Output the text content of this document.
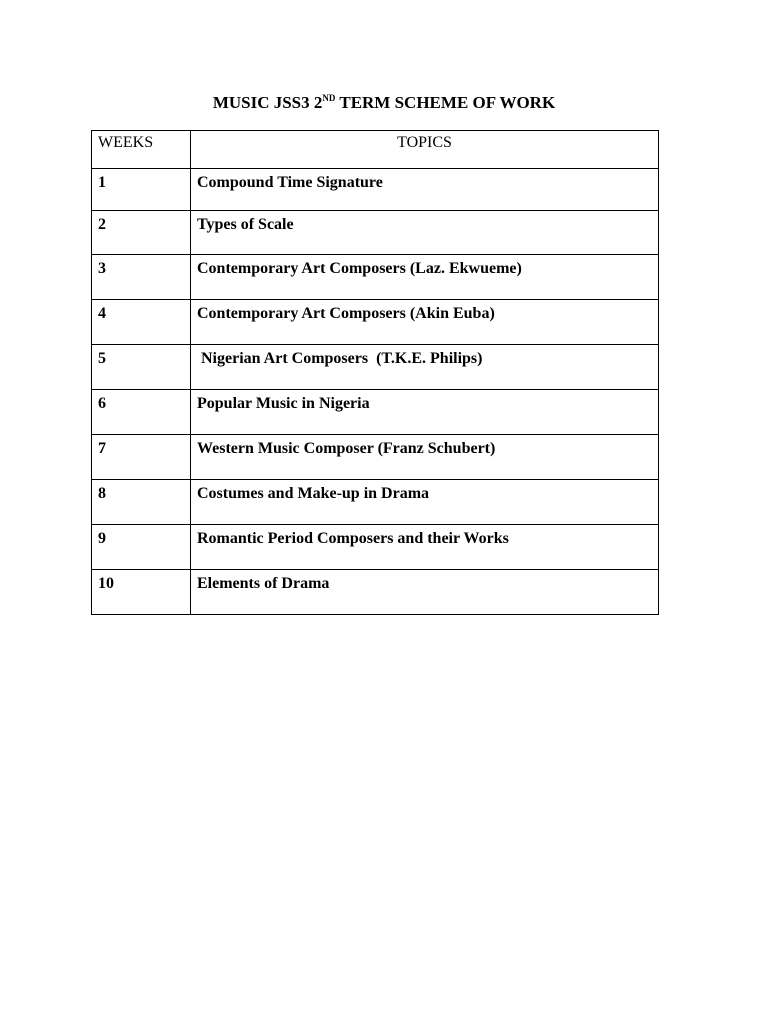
MUSIC JSS3 2ND TERM SCHEME OF WORK
WEEKS	TOPICS
1	Compound Time Signature
2	Types of Scale
3	Contemporary Art Composers (Laz. Ekwueme)
4	Contemporary Art Composers (Akin Euba)
5	Nigerian Art Composers  (T.K.E. Philips)
6	Popular Music in Nigeria
7	Western Music Composer (Franz Schubert)
8	Costumes and Make-up in Drama
9	Romantic Period Composers and their Works
10	Elements of Drama
